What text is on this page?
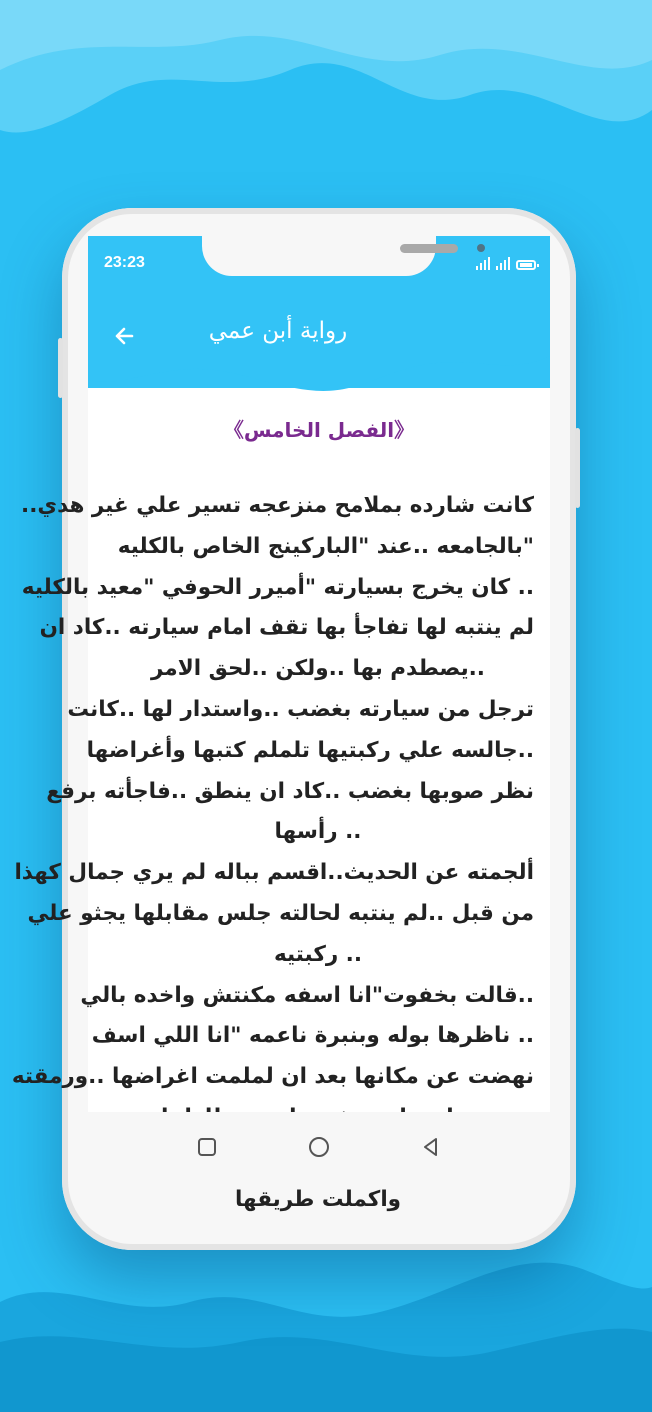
23:23
رواية أبن عمي
《الفصل الخامس》
كانت شارده بملامح منزعجه تسير علي غير هدي..
"بالجامعه ..عند "الباركينج الخاص بالكليه
.. كان يخرج بسيارته "أميرر الحوفي "معيد بالكليه
لم ينتبه لها تفاجأ بها تقف امام سيارته ..كاد ان
..يصطدم بها ..ولكن ..لحق الامر
ترجل من سيارته بغضب ..واستدار لها ..كانت
..جالسه علي ركبتيها تلملم كتبها وأغراضها
نظر صوبها بغضب ..كاد ان ينطق ..فاجأته برفع
.. رأسها
ألجمته عن الحديث..اقسم بباله لم يري جمال كهذا
من قبل ..لم ينتبه لحالته جلس مقابلها يجثو علي
.. ركبتيه
..قالت بخفوت"انا اسفه مكنتش واخده بالي
.. ناظرها بوله وبنبرة ناعمه "انا اللي اسف
نهضت عن مكانها بعد ان لملمت اغراضها ..ورمقته
واكملت طريقها
